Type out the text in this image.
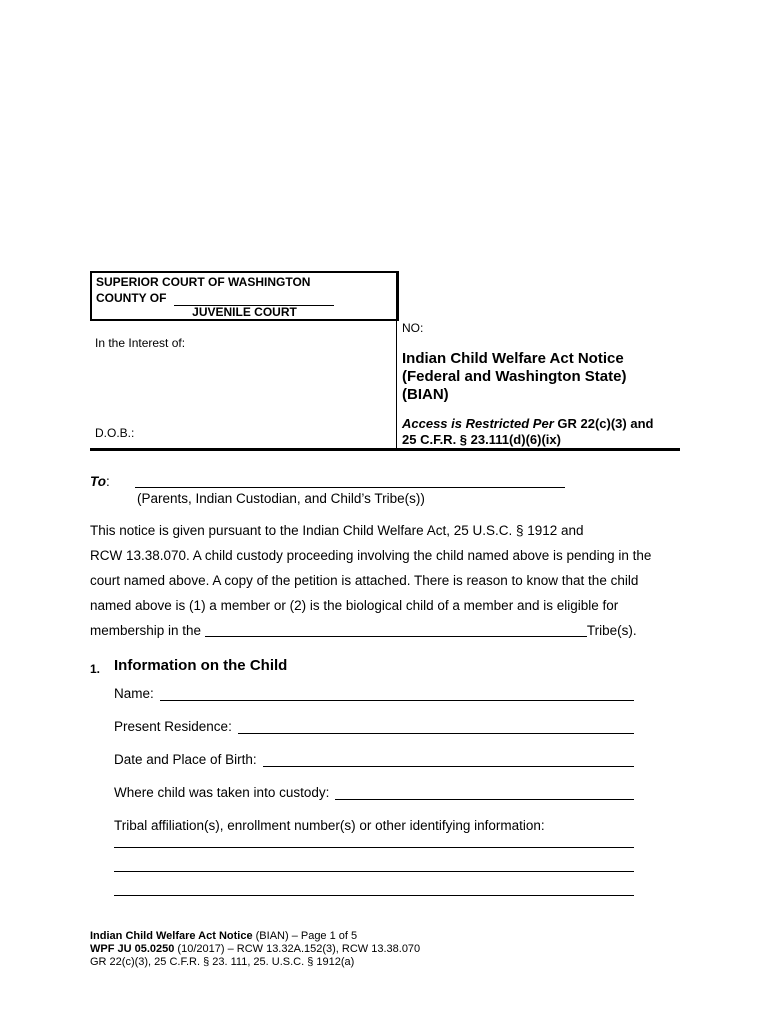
SUPERIOR COURT OF WASHINGTON
COUNTY OF
JUVENILE COURT
In the Interest of:
D.O.B.:
NO:
Indian Child Welfare Act Notice
(Federal and Washington State)
(BIAN)
Access is Restricted Per GR 22(c)(3) and
25 C.F.R. § 23.111(d)(6)(ix)
To:
(Parents, Indian Custodian, and Child’s Tribe(s))
This notice is given pursuant to the Indian Child Welfare Act, 25 U.S.C. § 1912 and
RCW 13.38.070. A child custody proceeding involving the child named above is pending in the
court named above. A copy of the petition is attached. There is reason to know that the child
named above is (1) a member or (2) is the biological child of a member and is eligible for
membership in the	Tribe(s).
1. Information on the Child
Name:
Present Residence:
Date and Place of Birth:
Where child was taken into custody:
Tribal affiliation(s), enrollment number(s) or other identifying information:
Indian Child Welfare Act Notice (BIAN) – Page 1 of 5
WPF JU 05.0250 (10/2017) – RCW 13.32A.152(3), RCW 13.38.070
GR 22(c)(3), 25 C.F.R. § 23. 111, 25. U.S.C. § 1912(a)
